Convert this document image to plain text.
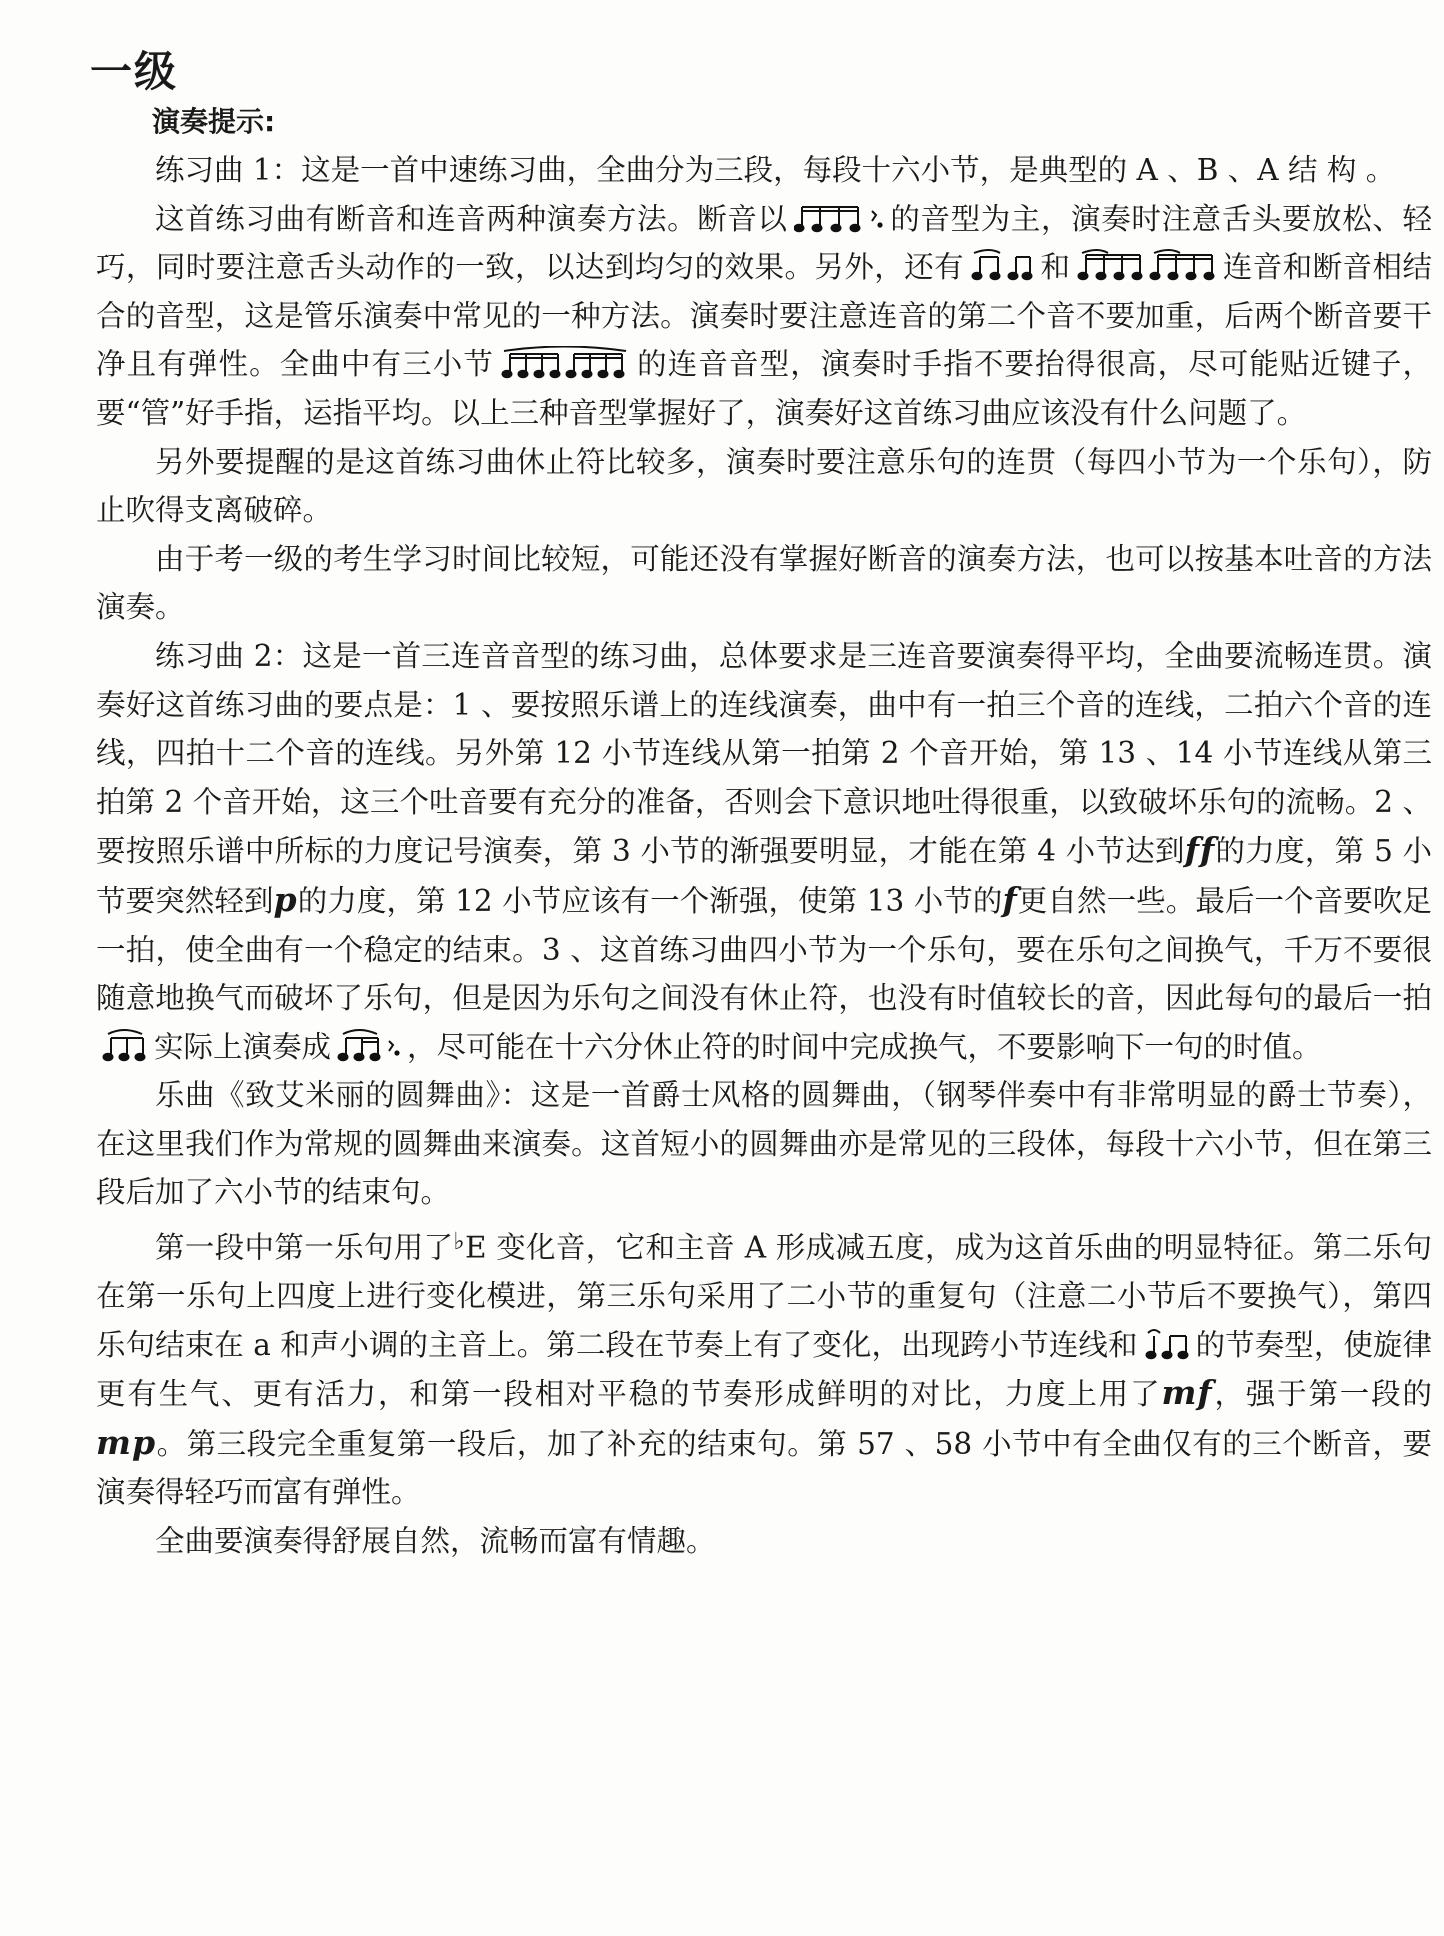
一级
演奏提示:

练习曲 1：这是一首中速练习曲，全曲分为三段，每段十六小节，是典型的 A 、B 、A 结 构 。

这首练习曲有断音和连音两种演奏方法。断音以	的音型为主，演奏时注意舌头要放松、轻巧，同时要注意舌头动作的一致，以达到均匀的效果。另外，还有	和	连音和断音相结合的音型，这是管乐演奏中常见的一种方法。演奏时要注意连音的第二个音不要加重，后两个断音要干净且有弹性。全曲中有三小节	的连音音型，演奏时手指不要抬得很高，尽可能贴近键子，要“管”好手指，运指平均。以上三种音型掌握好了，演奏好这首练习曲应该没有什么问题了。

另外要提醒的是这首练习曲休止符比较多，演奏时要注意乐句的连贯（每四小节为一个乐句），防止吹得支离破碎。

由于考一级的考生学习时间比较短，可能还没有掌握好断音的演奏方法，也可以按基本吐音的方法演奏。

练习曲 2：这是一首三连音音型的练习曲，总体要求是三连音要演奏得平均，全曲要流畅连贯。演奏好这首练习曲的要点是：1 、要按照乐谱上的连线演奏，曲中有一拍三个音的连线，二拍六个音的连线，四拍十二个音的连线。另外第 12 小节连线从第一拍第 2 个音开始，第 13 、14 小节连线从第三拍第 2 个音开始，这三个吐音要有充分的准备，否则会下意识地吐得很重，以致破坏乐句的流畅。2 、要按照乐谱中所标的力度记号演奏，第 3 小节的渐强要明显，才能在第 4 小节达到ff的力度，第 5 小节要突然轻到p的力度，第 12 小节应该有一个渐强，使第 13 小节的f更自然一些。最后一个音要吹足一拍，使全曲有一个稳定的结束。3 、这首练习曲四小节为一个乐句，要在乐句之间换气，千万不要很随意地换气而破坏了乐句，但是因为乐句之间没有休止符，也没有时值较长的音，因此每句的最后一拍
实际上演奏成	，尽可能在十六分休止符的时间中完成换气，不要影响下一句的时值。

乐曲《致艾米丽的圆舞曲》：这是一首爵士风格的圆舞曲，（钢琴伴奏中有非常明显的爵士节奏），在这里我们作为常规的圆舞曲来演奏。这首短小的圆舞曲亦是常见的三段体，每段十六小节，但在第三段后加了六小节的结束句。

第一段中第一乐句用了♭E 变化音，它和主音 A 形成减五度，成为这首乐曲的明显特征。第二乐句在第一乐句上四度上进行变化模进，第三乐句采用了二小节的重复句（注意二小节后不要换气），第四乐句结束在 a 和声小调的主音上。第二段在节奏上有了变化，出现跨小节连线和 的节奏型，使旋律更有生气、更有活力，和第一段相对平稳的节奏形成鲜明的对比，力度上用了mf，强于第一段的mp。第三段完全重复第一段后，加了补充的结束句。第 57 、58 小节中有全曲仅有的三个断音，要演奏得轻巧而富有弹性。

全曲要演奏得舒展自然，流畅而富有情趣。
